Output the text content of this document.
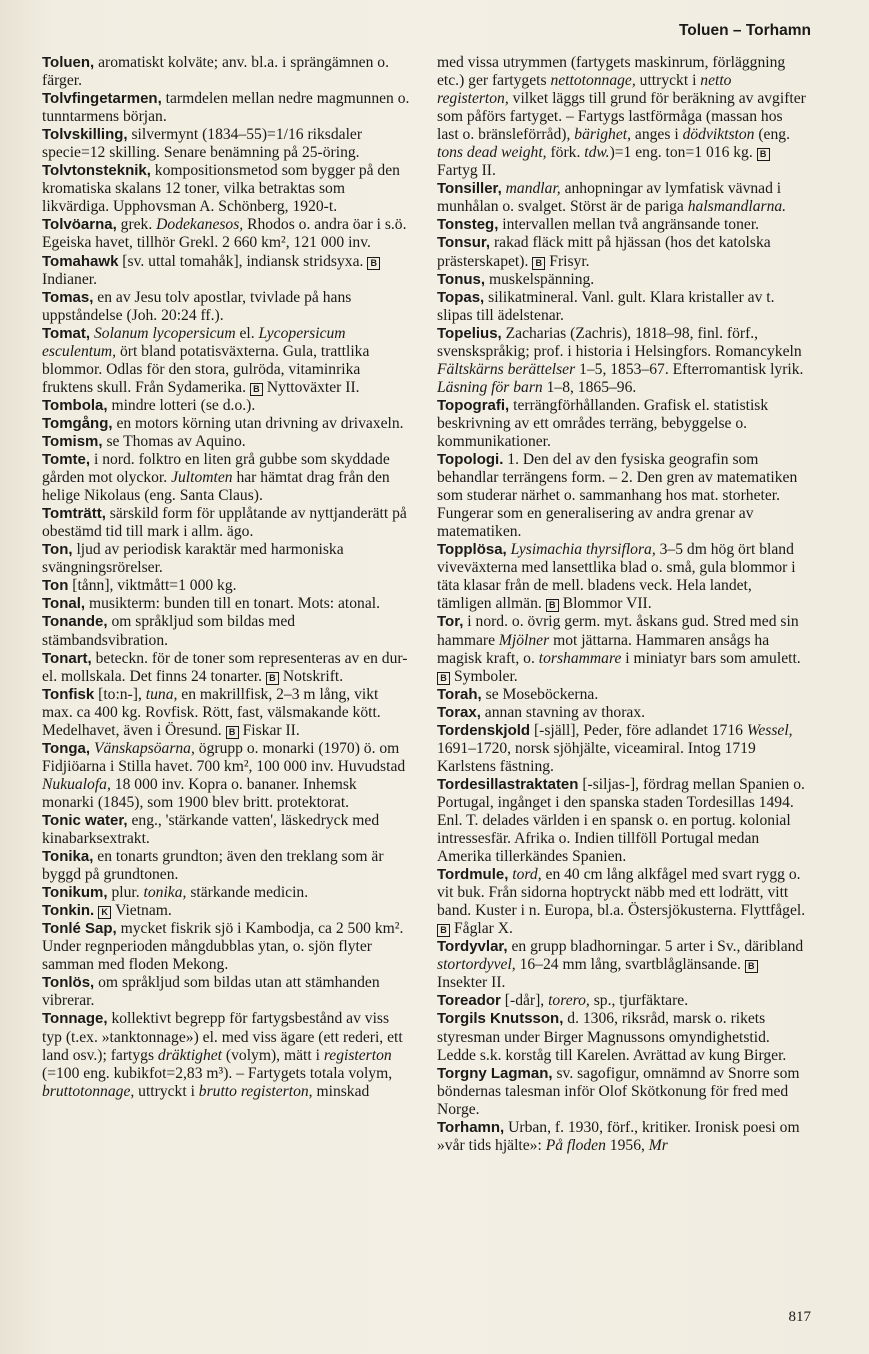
Toluen – Torhamn

Toluen, aromatiskt kolväte; anv. bl.a. i sprängämnen o. färger.

Tolvfingetarmen, tarmdelen mellan nedre magmunnen o. tunntarmens början.

Tolvskilling, silvermynt (1834–55)=1/16 riksdaler specie=12 skilling. Senare benämning på 25-öring.

Tolvtonsteknik, kompositionsmetod som bygger på den kromatiska skalans 12 toner, vilka betraktas som likvärdiga. Upphovsman A. Schönberg, 1920-t.

Tolvöarna, grek. Dodekanesos, Rhodos o. andra öar i s.ö. Egeiska havet, tillhör Grekl. 2 660 km², 121 000 inv.

Tomahawk [sv. uttal tomahåk], indiansk stridsyxa. BIndianer.

Tomas, en av Jesu tolv apostlar, tvivlade på hans uppståndelse (Joh. 20:24 ff.).

Tomat, Solanum lycopersicum el. Lycopersicum esculentum, ört bland potatisväxterna. Gula, trattlika blommor. Odlas för den stora, gulröda, vitaminrika fruktens skull. Från Sydamerika. B Nyttoväxter II.

Tombola, mindre lotteri (se d.o.).

Tomgång, en motors körning utan drivning av drivaxeln.

Tomism, se Thomas av Aquino.

Tomte, i nord. folktro en liten grå gubbe som skyddade gården mot olyckor. Jultomten har hämtat drag från den helige Nikolaus (eng. Santa Claus).

Tomträtt, särskild form för upplåtande av nyttjanderätt på obestämd tid till mark i allm. ägo.

Ton, ljud av periodisk karaktär med harmoniska svängningsrörelser.

Ton [tånn], viktmått=1 000 kg.

Tonal, musikterm: bunden till en tonart. Mots: atonal.

Tonande, om språkljud som bildas med stämbandsvibration.

Tonart, beteckn. för de toner som representeras av en dur- el. mollskala. Det finns 24 tonarter. B Notskrift.

Tonfisk [to:n-], tuna, en makrillfisk, 2–3 m lång, vikt max. ca 400 kg. Rovfisk. Rött, fast, välsmakande kött. Medelhavet, även i Öresund. B Fiskar II.

Tonga, Vänskapsöarna, ögrupp o. monarki (1970) ö. om Fidjiöarna i Stilla havet. 700 km², 100 000 inv. Huvudstad Nukualofa, 18 000 inv. Kopra o. bananer. Inhemsk monarki (1845), som 1900 blev britt. protektorat.

Tonic water, eng., 'stärkande vatten', läskedryck med kinabarksextrakt.

Tonika, en tonarts grundton; även den treklang som är byggd på grundtonen.

Tonikum, plur. tonika, stärkande medicin.

Tonkin. K Vietnam.

Tonlé Sap, mycket fiskrik sjö i Kambodja, ca 2 500 km². Under regnperioden mångdubblas ytan, o. sjön flyter samman med floden Mekong.

Tonlös, om språkljud som bildas utan att stämhanden vibrerar.

Tonnage, kollektivt begrepp för fartygsbestånd av viss typ (t.ex. »tanktonnage») el. med viss ägare (ett rederi, ett land osv.); fartygs dräktighet (volym), mätt i registerton (=100 eng. kubikfot=2,83 m³). – Fartygets totala volym, bruttotonnage, uttryckt i brutto registerton, minskad

med vissa utrymmen (fartygets maskinrum, förläggning etc.) ger fartygets nettotonnage, uttryckt i netto registerton, vilket läggs till grund för beräkning av avgifter som påförs fartyget. – Fartygs lastförmåga (massan hos last o. bränsleförråd), bärighet, anges i dödviktston (eng. tons dead weight, förk. tdw.)=1 eng. ton=1 016 kg. BFartyg II.

Tonsiller, mandlar, anhopningar av lymfatisk vävnad i munhålan o. svalget. Störst är de pariga halsmandlarna.

Tonsteg, intervallen mellan två angränsande toner.

Tonsur, rakad fläck mitt på hjässan (hos det katolska prästerskapet). B Frisyr.

Tonus, muskelspänning.

Topas, silikatmineral. Vanl. gult. Klara kristaller av t. slipas till ädelstenar.

Topelius, Zacharias (Zachris), 1818–98, finl. förf., svenskspråkig; prof. i historia i Helsingfors. Romancykeln Fältskärns berättelser 1–5, 1853–67. Efterromantisk lyrik. Läsning för barn 1–8, 1865–96.

Topografi, terrängförhållanden. Grafisk el. statistisk beskrivning av ett områdes terräng, bebyggelse o. kommunikationer.

Topologi. 1. Den del av den fysiska geografin som behandlar terrängens form. – 2. Den gren av matematiken som studerar närhet o. sammanhang hos mat. storheter. Fungerar som en generalisering av andra grenar av matematiken.

Topplösa, Lysimachia thyrsiflora, 3–5 dm hög ört bland viveväxterna med lansettlika blad o. små, gula blommor i täta klasar från de mell. bladens veck. Hela landet, tämligen allmän. B Blommor VII.

Tor, i nord. o. övrig germ. myt. åskans gud. Stred med sin hammare Mjölner mot jättarna. Hammaren ansågs ha magisk kraft, o. torshammare i miniatyr bars som amulett. B Symboler.

Torah, se Moseböckerna.

Torax, annan stavning av thorax.

Tordenskjold [-själl], Peder, före adlandet 1716 Wessel, 1691–1720, norsk sjöhjälte, viceamiral. Intog 1719 Karlstens fästning.

Tordesillastraktaten [-siljas-], fördrag mellan Spanien o. Portugal, ingånget i den spanska staden Tordesillas 1494. Enl. T. delades världen i en spansk o. en portug. kolonial intressesfär. Afrika o. Indien tillföll Portugal medan Amerika tillerkändes Spanien.

Tordmule, tord, en 40 cm lång alkfågel med svart rygg o. vit buk. Från sidorna hoptryckt näbb med ett lodrätt, vitt band. Kuster i n. Europa, bl.a. Östersjökusterna. Flyttfågel. B Fåglar X.

Tordyvlar, en grupp bladhorningar. 5 arter i Sv., däribland stortordyvel, 16–24 mm lång, svartblåglänsande. BInsekter II.

Toreador [-dår], torero, sp., tjurfäktare.

Torgils Knutsson, d. 1306, riksråd, marsk o. rikets styresman under Birger Magnussons omyndighetstid. Ledde s.k. korståg till Karelen. Avrättad av kung Birger.

Torgny Lagman, sv. sagofigur, omnämnd av Snorre som böndernas talesman inför Olof Skötkonung för fred med Norge.

Torhamn, Urban, f. 1930, förf., kritiker. Ironisk poesi om »vår tids hjälte»: På floden 1956, Mr

817
